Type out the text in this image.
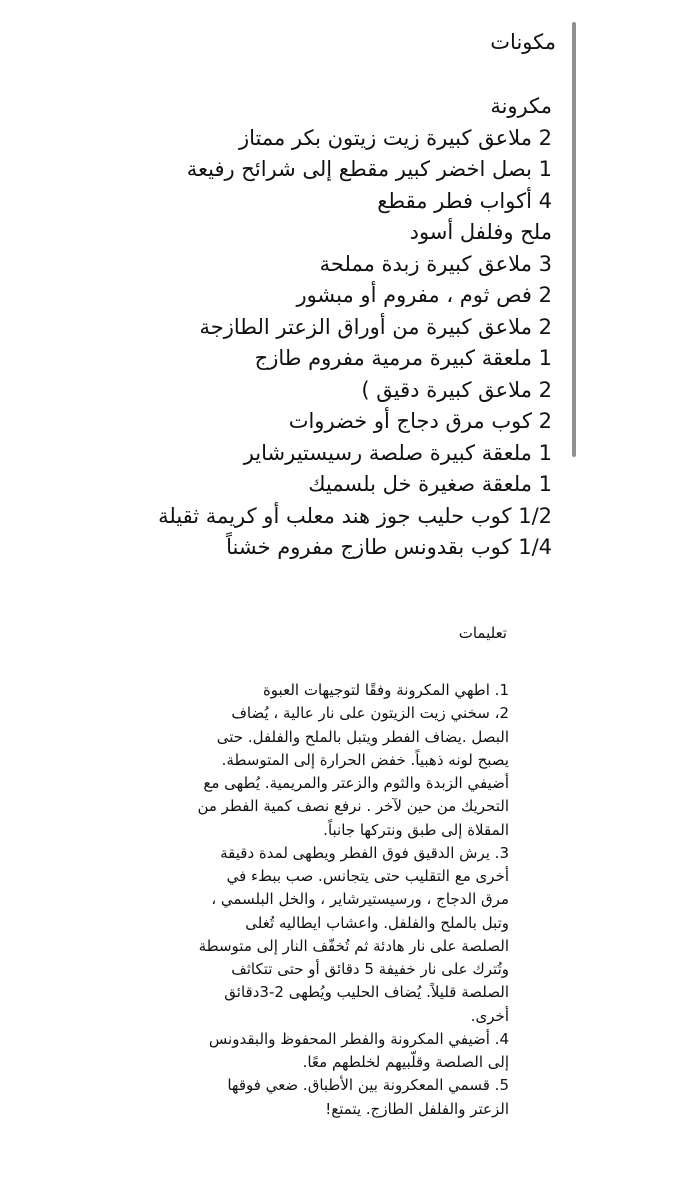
مكونات
مكرونة
2 ملاعق كبيرة زيت زيتون بكر ممتاز
1 بصل اخضر كبير مقطع إلى شرائح رفيعة
4 أكواب فطر مقطع
ملح وفلفل أسود
3 ملاعق كبيرة زبدة مملحة
2 فص ثوم ، مفروم أو مبشور
2 ملاعق كبيرة من أوراق الزعتر الطازجة
1 ملعقة كبيرة مرمية مفروم طازج
2 ملاعق كبيرة دقيق )
2 كوب مرق دجاج أو خضروات
1 ملعقة كبيرة صلصة رسيستيرشاير
1 ملعقة صغيرة خل بلسميك
1/2 كوب حليب جوز هند معلب أو كريمة ثقيلة
1/4 كوب بقدونس طازج مفروم خشناً
تعليمات
1. اطهي المكرونة وفقًا لتوجيهات العبوة
2، سخني زيت الزيتون على نار عالية ، يُضاف
البصل .يضاف الفطر ويتبل بالملح والفلفل. حتى
يصبح لونه ذهبياً. خفض الحرارة إلى المتوسطة.
أضيفي الزبدة والثوم والزعتر والمريمية. يُطهى مع
التحريك من حين لآخر . نرفع نصف كمية الفطر من
المقلاة إلى طبق ونتركها جانباً.
3. يرش الدقيق فوق الفطر ويطهى لمدة دقيقة
أخرى مع التقليب حتى يتجانس. صب ببطء في
مرق الدجاج ، ورسيستيرشاير ، والخل البلسمي ،
وتبل بالملح والفلفل. واعشاب ايطاليه تُغلى
الصلصة على نار هادئة ثم تُخفّف النار إلى متوسطة
وتُترك على نار خفيفة 5 دقائق أو حتى تتكاثف
الصلصة قليلاً. يُضاف الحليب ويُطهى 2-3دقائق
أخرى.
4. أضيفي المكرونة والفطر المحفوظ والبقدونس
إلى الصلصة وقلّبيهم لخلطهم معًا.
5. قسمي المعكرونة بين الأطباق. ضعي فوقها
الزعتر والفلفل الطازج. يتمتع!
